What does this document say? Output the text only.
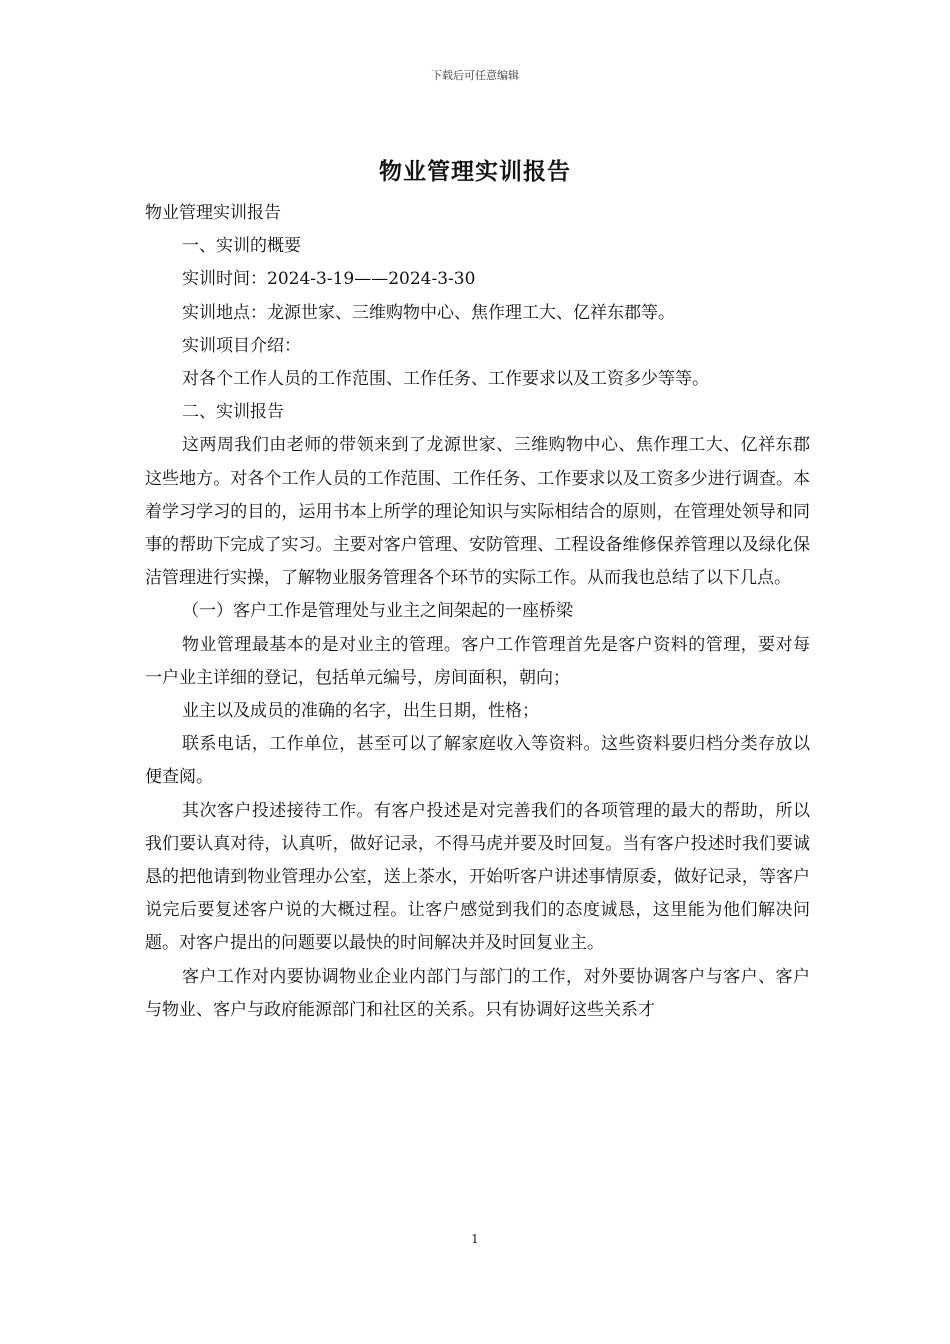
下载后可任意编辑
物业管理实训报告

物业管理实训报告

一、实训的概要

实训时间：2024-3-19——2024-3-30

实训地点：龙源世家、三维购物中心、焦作理工大、亿祥东郡等。

实训项目介绍：

对各个工作人员的工作范围、工作任务、工作要求以及工资多少等等。

二、实训报告

这两周我们由老师的带领来到了龙源世家、三维购物中心、焦作理工大、亿祥东郡这些地方。对各个工作人员的工作范围、工作任务、工作要求以及工资多少进行调查。本着学习学习的目的，运用书本上所学的理论知识与实际相结合的原则，在管理处领导和同事的帮助下完成了实习。主要对客户管理、安防管理、工程设备维修保养管理以及绿化保洁管理进行实操，了解物业服务管理各个环节的实际工作。从而我也总结了以下几点。

（一）客户工作是管理处与业主之间架起的一座桥梁

物业管理最基本的是对业主的管理。客户工作管理首先是客户资料的管理，要对每一户业主详细的登记，包括单元编号，房间面积，朝向；

业主以及成员的准确的名字，出生日期，性格；

联系电话，工作单位，甚至可以了解家庭收入等资料。这些资料要归档分类存放以便查阅。

其次客户投述接待工作。有客户投述是对完善我们的各项管理的最大的帮助，所以我们要认真对待，认真听，做好记录，不得马虎并要及时回复。当有客户投述时我们要诚恳的把他请到物业管理办公室，送上茶水，开始听客户讲述事情原委，做好记录，等客户说完后要复述客户说的大概过程。让客户感觉到我们的态度诚恳，这里能为他们解决问题。对客户提出的问题要以最快的时间解决并及时回复业主。

客户工作对内要协调物业企业内部门与部门的工作，对外要协调客户与客户、客户与物业、客户与政府能源部门和社区的关系。只有协调好这些关系才

1
